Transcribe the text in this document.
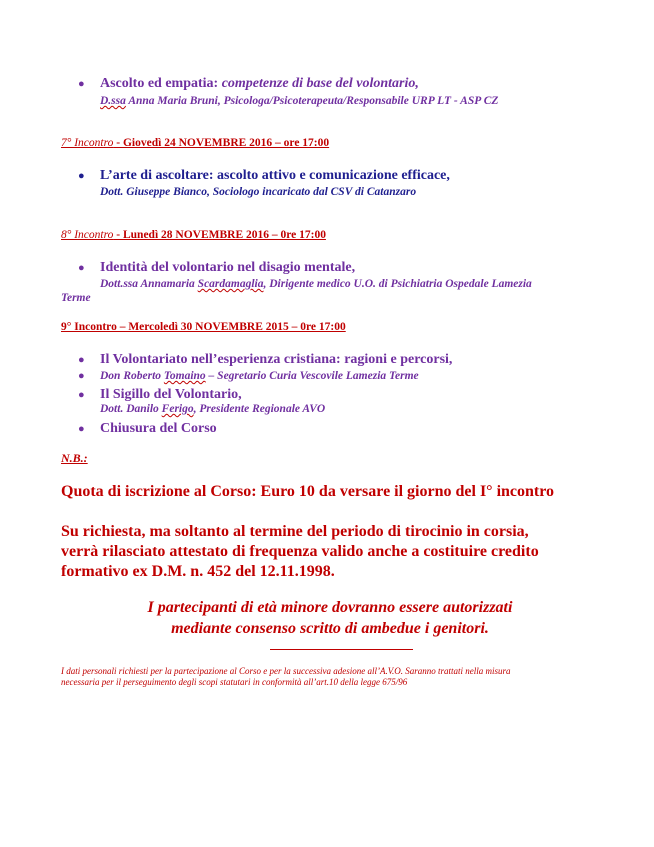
●	Ascolto ed empatia: competenze di base del volontario,
D.ssa Anna Maria Bruni, Psicologa/Psicoterapeuta/Responsabile URP LT - ASP CZ
7° Incontro - Giovedì 24 NOVEMBRE 2016 – ore 17:00
●	L’arte di ascoltare: ascolto attivo e comunicazione efficace,
Dott. Giuseppe Bianco, Sociologo incaricato dal CSV di Catanzaro
8° Incontro - Lunedì 28 NOVEMBRE 2016 – 0re 17:00
●	Identità del volontario nel disagio mentale,
Dott.ssa Annamaria Scardamaglia, Dirigente medico U.O. di Psichiatria Ospedale Lamezia
Terme
9° Incontro – Mercoledì 30 NOVEMBRE 2015 – 0re 17:00
●	Il Volontariato nell’esperienza cristiana: ragioni e percorsi,
●	Don Roberto Tomaino – Segretario Curia Vescovile Lamezia Terme
●	Il Sigillo del Volontario,
Dott. Danilo Ferigo, Presidente Regionale AVO
●	Chiusura del Corso
N.B.:
Quota di iscrizione al Corso: Euro 10 da versare il giorno del I° incontro
Su richiesta, ma soltanto al termine del periodo di tirocinio in corsia,
verrà rilasciato attestato di frequenza valido anche a costituire credito
formativo ex D.M. n. 452 del 12.11.1998.
I partecipanti di età minore dovranno essere autorizzati
mediante consenso scritto di ambedue i genitori.
I dati personali richiesti per la partecipazione al Corso e per la successiva adesione all’A.V.O. Saranno trattati nella misura
necessaria per il perseguimento degli scopi statutari in conformità all’art.10 della legge 675/96
